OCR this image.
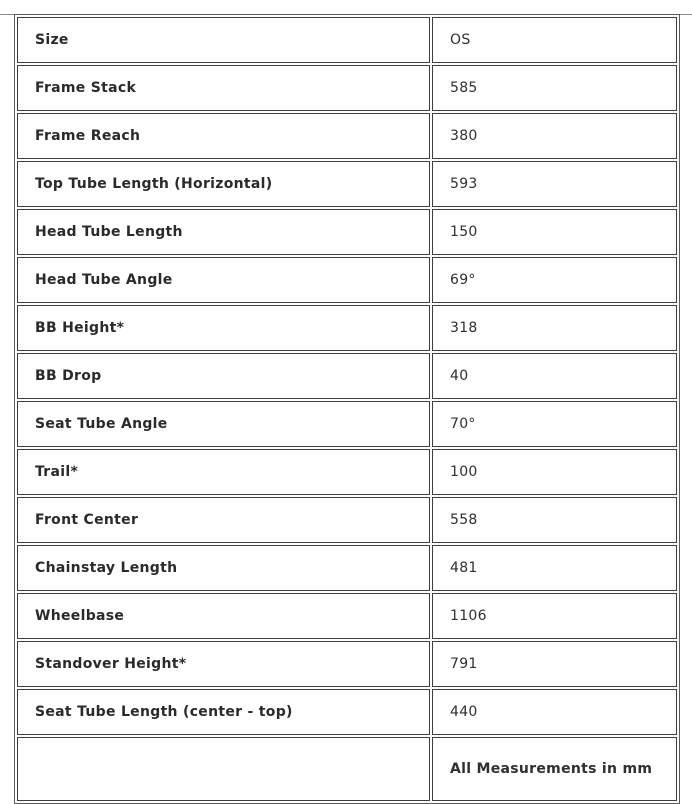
Size	OS
Frame Stack	585
Frame Reach	380
Top Tube Length (Horizontal)	593
Head Tube Length	150
Head Tube Angle	69°
BB Height*	318
BB Drop	40
Seat Tube Angle	70°
Trail*	100
Front Center	558
Chainstay Length	481
Wheelbase	1106
Standover Height*	791
Seat Tube Length (center - top)	440
	All Measurements in mm
